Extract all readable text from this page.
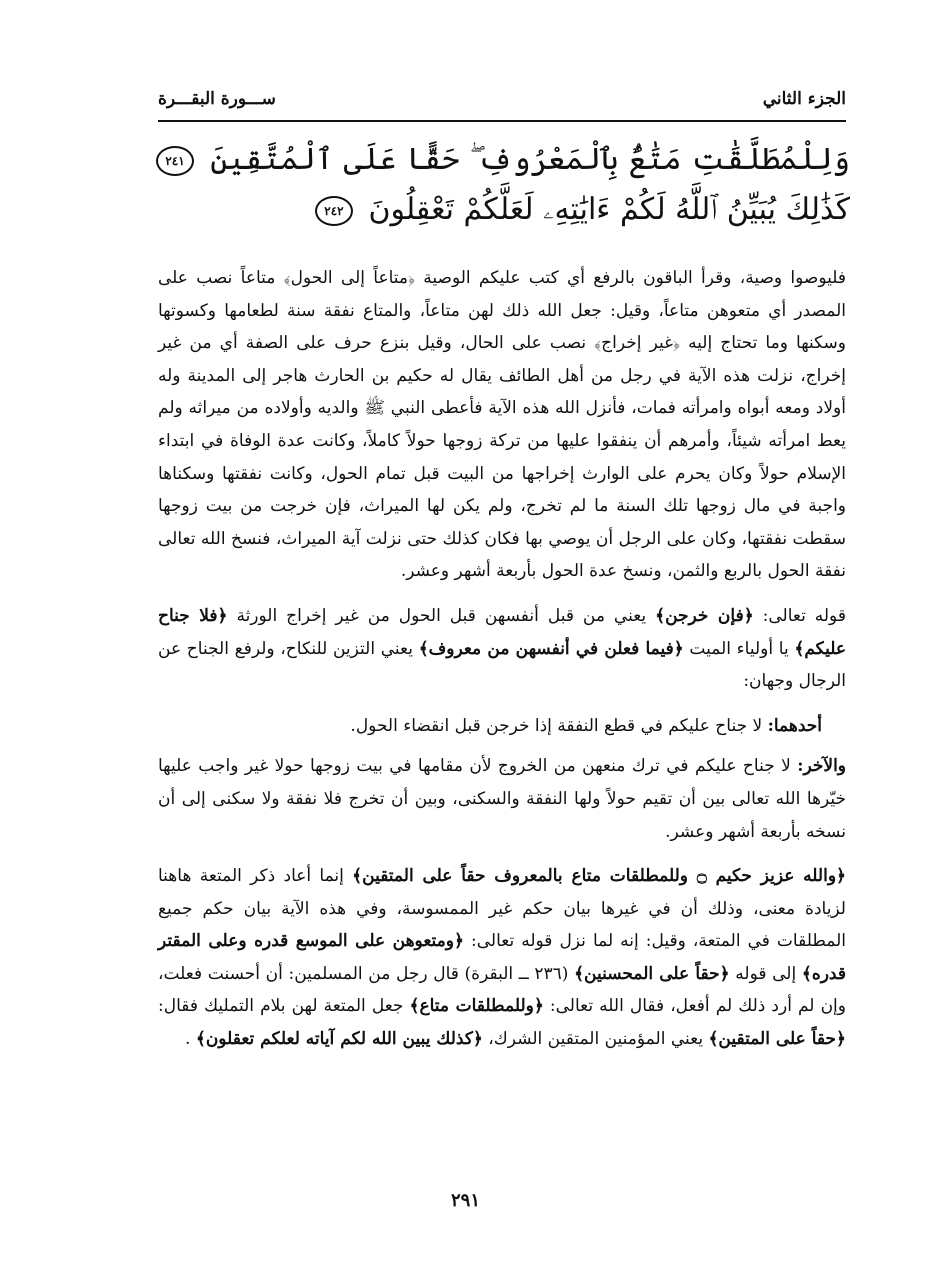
الجزء الثاني
ســـورة البقـــرة
وَلِلْمُطَلَّقَٰتِ مَتَٰعٌۢ بِٱلْمَعْرُوفِ ۖ حَقًّا عَلَى ٱلْمُتَّقِينَ ٢٤١ كَذَٰلِكَ يُبَيِّنُ ٱللَّهُ لَكُمْ ءَايَٰتِهِۦ لَعَلَّكُمْ تَعْقِلُونَ ٢٤٢

فليوصوا وصية، وقرأ الباقون بالرفع أي كتب عليكم الوصية ﴿متاعاً إلى الحول﴾ متاعاً نصب على المصدر أي متعوهن متاعاً، وقيل: جعل الله ذلك لهن متاعاً، والمتاع نفقة سنة لطعامها وكسوتها وسكنها وما تحتاج إليه ﴿غير إخراج﴾ نصب على الحال، وقيل بنزع حرف على الصفة أي من غير إخراج، نزلت هذه الآية في رجل من أهل الطائف يقال له حكيم بن الحارث هاجر إلى المدينة وله أولاد ومعه أبواه وامرأته فمات، فأنزل الله هذه الآية فأعطى النبي ﷺ والديه وأولاده من ميراثه ولم يعط امرأته شيئاً، وأمرهم أن ينفقوا عليها من تركة زوجها حولاً كاملاً، وكانت عدة الوفاة في ابتداء الإسلام حولاً وكان يحرم على الوارث إخراجها من البيت قبل تمام الحول، وكانت نفقتها وسكناها واجبة في مال زوجها تلك السنة ما لم تخرج، ولم يكن لها الميراث، فإن خرجت من بيت زوجها سقطت نفقتها، وكان على الرجل أن يوصي بها فكان كذلك حتى نزلت آية الميراث، فنسخ الله تعالى نفقة الحول بالربع والثمن، ونسخ عدة الحول بأربعة أشهر وعشر.

قوله تعالى: ﴿فإن خرجن﴾ يعني من قبل أنفسهن قبل الحول من غير إخراج الورثة ﴿فلا جناح عليكم﴾ يا أولياء الميت ﴿فيما فعلن في أنفسهن من معروف﴾ يعني التزين للنكاح، ولرفع الجناح عن الرجال وجهان:

أحدهما: لا جناح عليكم في قطع النفقة إذا خرجن قبل انقضاء الحول.

والآخر: لا جناح عليكم في ترك منعهن من الخروج لأن مقامها في بيت زوجها حولا غير واجب عليها خيّرها الله تعالى بين أن تقيم حولاً ولها النفقة والسكنى، وبين أن تخرج فلا نفقة ولا سكنى إلى أن نسخه بأربعة أشهر وعشر.

﴿والله عزيز حكيم ۝ وللمطلقات متاع بالمعروف حقاً على المتقين﴾ إنما أعاد ذكر المتعة هاهنا لزيادة معنى، وذلك أن في غيرها بيان حكم غير الممسوسة، وفي هذه الآية بيان حكم جميع المطلقات في المتعة، وقيل: إنه لما نزل قوله تعالى: ﴿ومتعوهن على الموسع قدره وعلى المقتر قدره﴾ إلى قوله ﴿حقاً على المحسنين﴾ (٢٣٦ ــ البقرة) قال رجل من المسلمين: أن أحسنت فعلت، وإن لم أرد ذلك لم أفعل، فقال الله تعالى: ﴿وللمطلقات متاع﴾ جعل المتعة لهن بلام التمليك فقال: ﴿حقاً على المتقين﴾ يعني المؤمنين المتقين الشرك، ﴿كذلك يبين الله لكم آياته لعلكم تعقلون﴾ .

٢٩١
